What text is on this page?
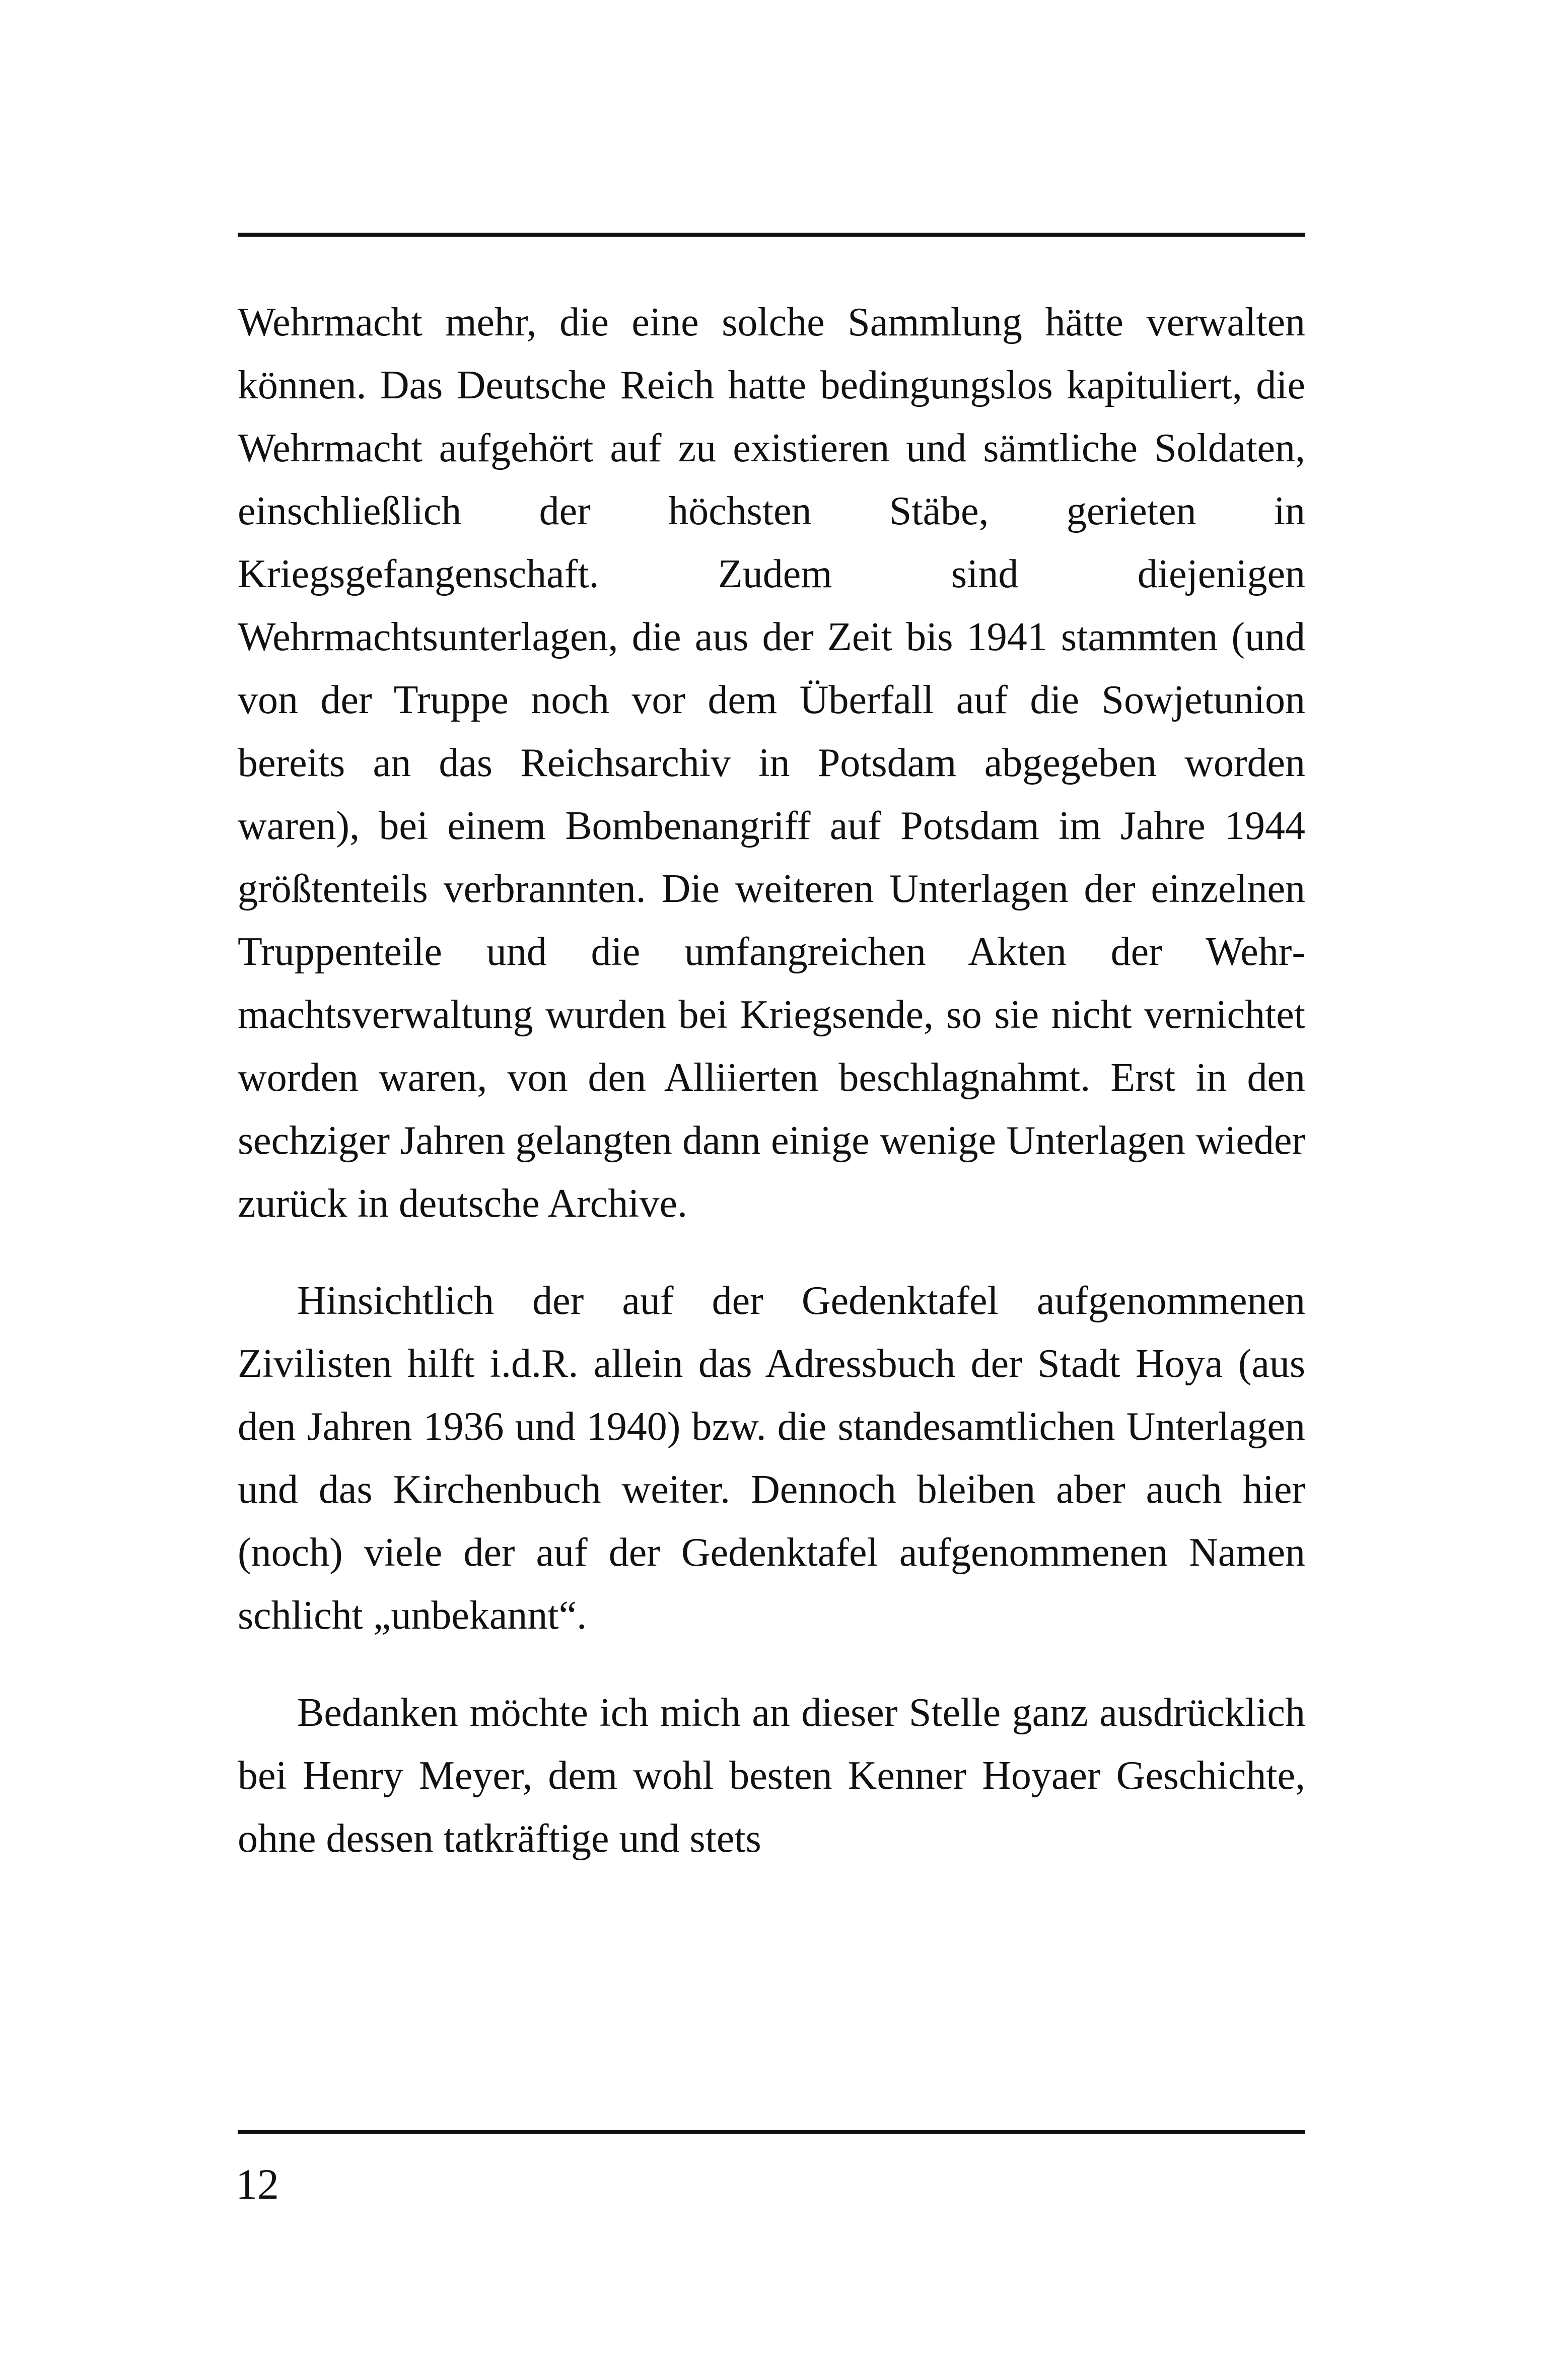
Wehrmacht mehr, die eine solche Sammlung hätte verwalten können. Das Deutsche Reich hatte bedingungslos kapituliert, die Wehrmacht aufgehört auf zu existieren und sämtliche Soldaten, einschließlich der höchsten Stäbe, gerieten in Kriegsgefangenschaft. Zudem sind diejenigen Wehrmachtsunterlagen, die aus der Zeit bis 1941 stammten (und von der Truppe noch vor dem Überfall auf die Sowjetunion bereits an das Reichsarchiv in Potsdam abgegeben worden waren), bei einem Bombenangriff auf Potsdam im Jahre 1944 größtenteils verbrannten. Die weiteren Unterlagen der einzelnen Truppenteile und die umfangreichen Akten der Wehrmachtsverwaltung wurden bei Kriegsende, so sie nicht vernichtet worden waren, von den Alliierten beschlagnahmt. Erst in den sechziger Jahren gelangten dann einige wenige Unterlagen wieder zurück in deutsche Archive.

Hinsichtlich der auf der Gedenktafel aufgenommenen Zivilisten hilft i.d.R. allein das Adressbuch der Stadt Hoya (aus den Jahren 1936 und 1940) bzw. die standesamtlichen Unterlagen und das Kirchenbuch weiter. Dennoch bleiben aber auch hier (noch) viele der auf der Gedenktafel aufgenommenen Namen schlicht „unbekannt“.

Bedanken möchte ich mich an dieser Stelle ganz ausdrücklich bei Henry Meyer, dem wohl besten Kenner Hoyaer Geschichte, ohne dessen tatkräftige und stets

12
